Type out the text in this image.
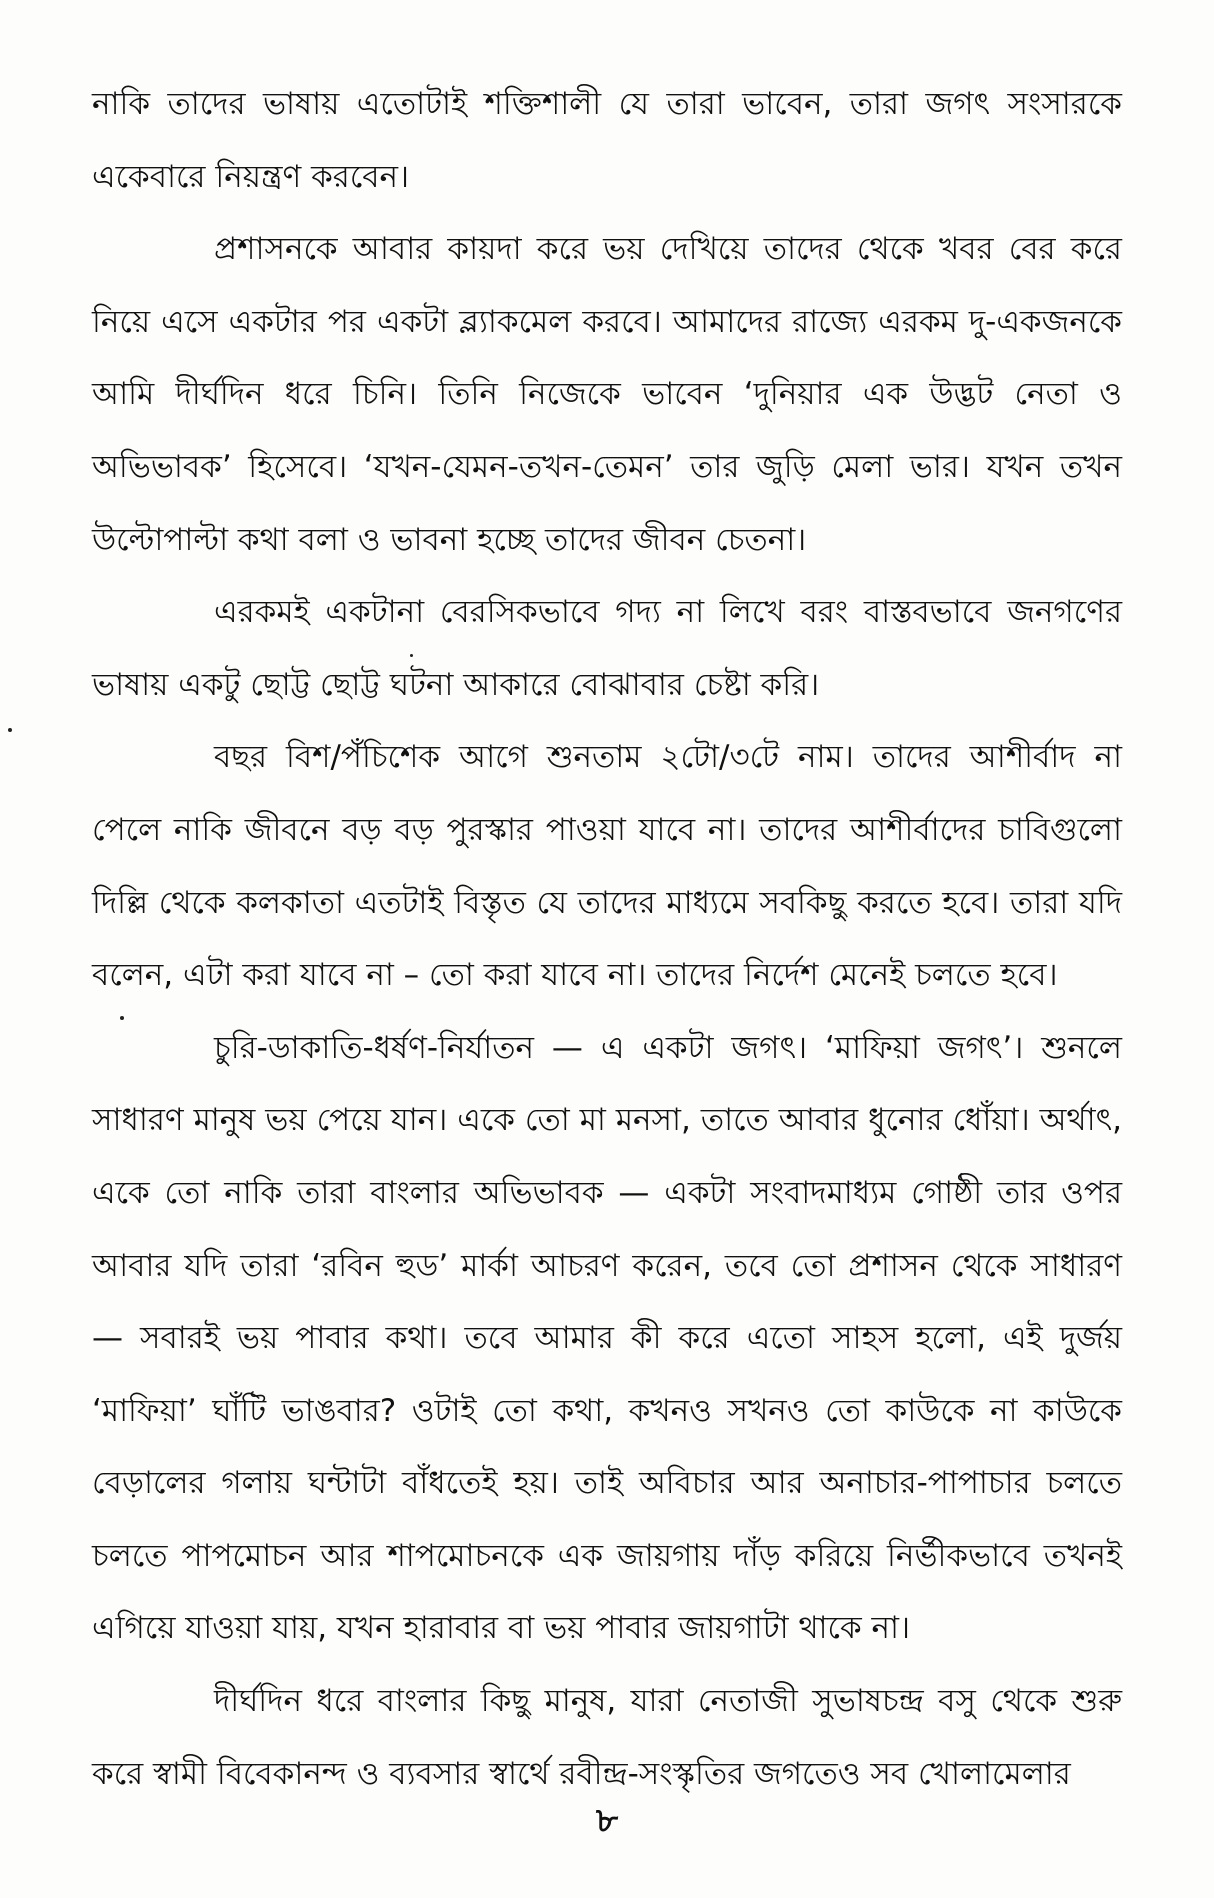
নাকি তাদের ভাষায় এতোটাই শক্তিশালী যে তারা ভাবেন, তারা জগৎ সংসারকে একেবারে নিয়ন্ত্রণ করবেন।

প্রশাসনকে আবার কায়দা করে ভয় দেখিয়ে তাদের থেকে খবর বের করে নিয়ে এসে একটার পর একটা ব্ল্যাকমেল করবে। আমাদের রাজ্যে এরকম দু-একজনকে আমি দীর্ঘদিন ধরে চিনি। তিনি নিজেকে ভাবেন ‘দুনিয়ার এক উদ্ভট নেতা ও অভিভাবক’ হিসেবে। ‘যখন-যেমন-তখন-তেমন’ তার জুড়ি মেলা ভার। যখন তখন উল্টোপাল্টা কথা বলা ও ভাবনা হচ্ছে তাদের জীবন চেতনা।

এরকমই একটানা বেরসিকভাবে গদ্য না লিখে বরং বাস্তবভাবে জনগণের ভাষায় একটু ছোট্ট ছোট্ট ঘটনা আকারে বোঝাবার চেষ্টা করি।

বছর বিশ/পঁচিশেক আগে শুনতাম ২টো/৩টে নাম। তাদের আশীর্বাদ না পেলে নাকি জীবনে বড় বড় পুরস্কার পাওয়া যাবে না। তাদের আশীর্বাদের চাবিগুলো দিল্লি থেকে কলকাতা এতটাই বিস্তৃত যে তাদের মাধ্যমে সবকিছু করতে হবে। তারা যদি বলেন, এটা করা যাবে না – তো করা যাবে না। তাদের নির্দেশ মেনেই চলতে হবে।

চুরি-ডাকাতি-ধর্ষণ-নির্যাতন — এ একটা জগৎ। ‘মাফিয়া জগৎ’। শুনলে সাধারণ মানুষ ভয় পেয়ে যান। একে তো মা মনসা, তাতে আবার ধুনোর ধোঁয়া। অর্থাৎ, একে তো নাকি তারা বাংলার অভিভাবক — একটা সংবাদমাধ্যম গোষ্ঠী তার ওপর আবার যদি তারা ‘রবিন হুড’ মার্কা আচরণ করেন, তবে তো প্রশাসন থেকে সাধারণ — সবারই ভয় পাবার কথা। তবে আমার কী করে এতো সাহস হলো, এই দুর্জয় ‘মাফিয়া’ ঘাঁটি ভাঙবার? ওটাই তো কথা, কখনও সখনও তো কাউকে না কাউকে বেড়ালের গলায় ঘন্টাটা বাঁধতেই হয়। তাই অবিচার আর অনাচার-পাপাচার চলতে চলতে পাপমোচন আর শাপমোচনকে এক জায়গায় দাঁড় করিয়ে নির্ভীকভাবে তখনই এগিয়ে যাওয়া যায়, যখন হারাবার বা ভয় পাবার জায়গাটা থাকে না।

দীর্ঘদিন ধরে বাংলার কিছু মানুষ, যারা নেতাজী সুভাষচন্দ্র বসু থেকে শুরু করে স্বামী বিবেকানন্দ ও ব্যবসার স্বার্থে রবীন্দ্র-সংস্কৃতির জগতেও সব খোলামেলার

৮
